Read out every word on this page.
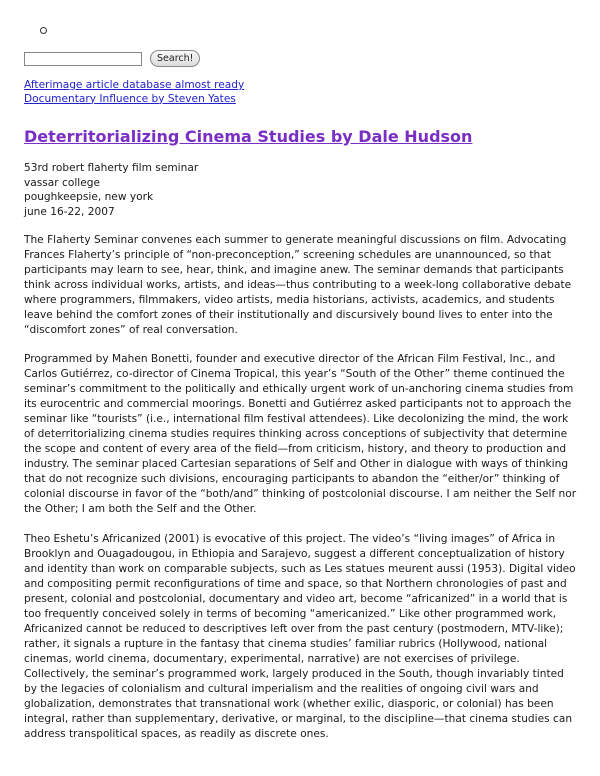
Search!
Afterimage article database almost ready
Documentary Influence by Steven Yates
Deterritorializing Cinema Studies by Dale Hudson
53rd robert flaherty film seminar
vassar college
poughkeepsie, new york
june 16-22, 2007

The Flaherty Seminar convenes each summer to generate meaningful discussions on film. Advocating Frances Flaherty’s principle of “non-preconception,” screening schedules are unannounced, so that participants may learn to see, hear, think, and imagine anew. The seminar demands that participants think across individual works, artists, and ideas—thus contributing to a week-long collaborative debate where programmers, filmmakers, video artists, media historians, activists, academics, and students leave behind the comfort zones of their institutionally and discursively bound lives to enter into the “discomfort zones” of real conversation.

Programmed by Mahen Bonetti, founder and executive director of the African Film Festival, Inc., and Carlos Gutiérrez, co-director of Cinema Tropical, this year’s “South of the Other” theme continued the seminar’s commitment to the politically and ethically urgent work of un-anchoring cinema studies from its eurocentric and commercial moorings. Bonetti and Gutiérrez asked participants not to approach the seminar like “tourists” (i.e., international film festival attendees). Like decolonizing the mind, the work of deterritorializing cinema studies requires thinking across conceptions of subjectivity that determine the scope and content of every area of the field—from criticism, history, and theory to production and industry. The seminar placed Cartesian separations of Self and Other in dialogue with ways of thinking that do not recognize such divisions, encouraging participants to abandon the “either/or” thinking of colonial discourse in favor of the “both/and” thinking of postcolonial discourse. I am neither the Self nor the Other; I am both the Self and the Other.

Theo Eshetu’s Africanized (2001) is evocative of this project. The video’s “living images” of Africa in Brooklyn and Ouagadougou, in Ethiopia and Sarajevo, suggest a different conceptualization of history and identity than work on comparable subjects, such as Les statues meurent aussi (1953). Digital video and compositing permit reconfigurations of time and space, so that Northern chronologies of past and present, colonial and postcolonial, documentary and video art, become “africanized” in a world that is too frequently conceived solely in terms of becoming “americanized.” Like other programmed work, Africanized cannot be reduced to descriptives left over from the past century (postmodern, MTV-like); rather, it signals a rupture in the fantasy that cinema studies’ familiar rubrics (Hollywood, national cinemas, world cinema, documentary, experimental, narrative) are not exercises of privilege. Collectively, the seminar’s programmed work, largely produced in the South, though invariably tinted by the legacies of colonialism and cultural imperialism and the realities of ongoing civil wars and globalization, demonstrates that transnational work (whether exilic, diasporic, or colonial) has been integral, rather than supplementary, derivative, or marginal, to the discipline—that cinema studies can address transpolitical spaces, as readily as discrete ones.
